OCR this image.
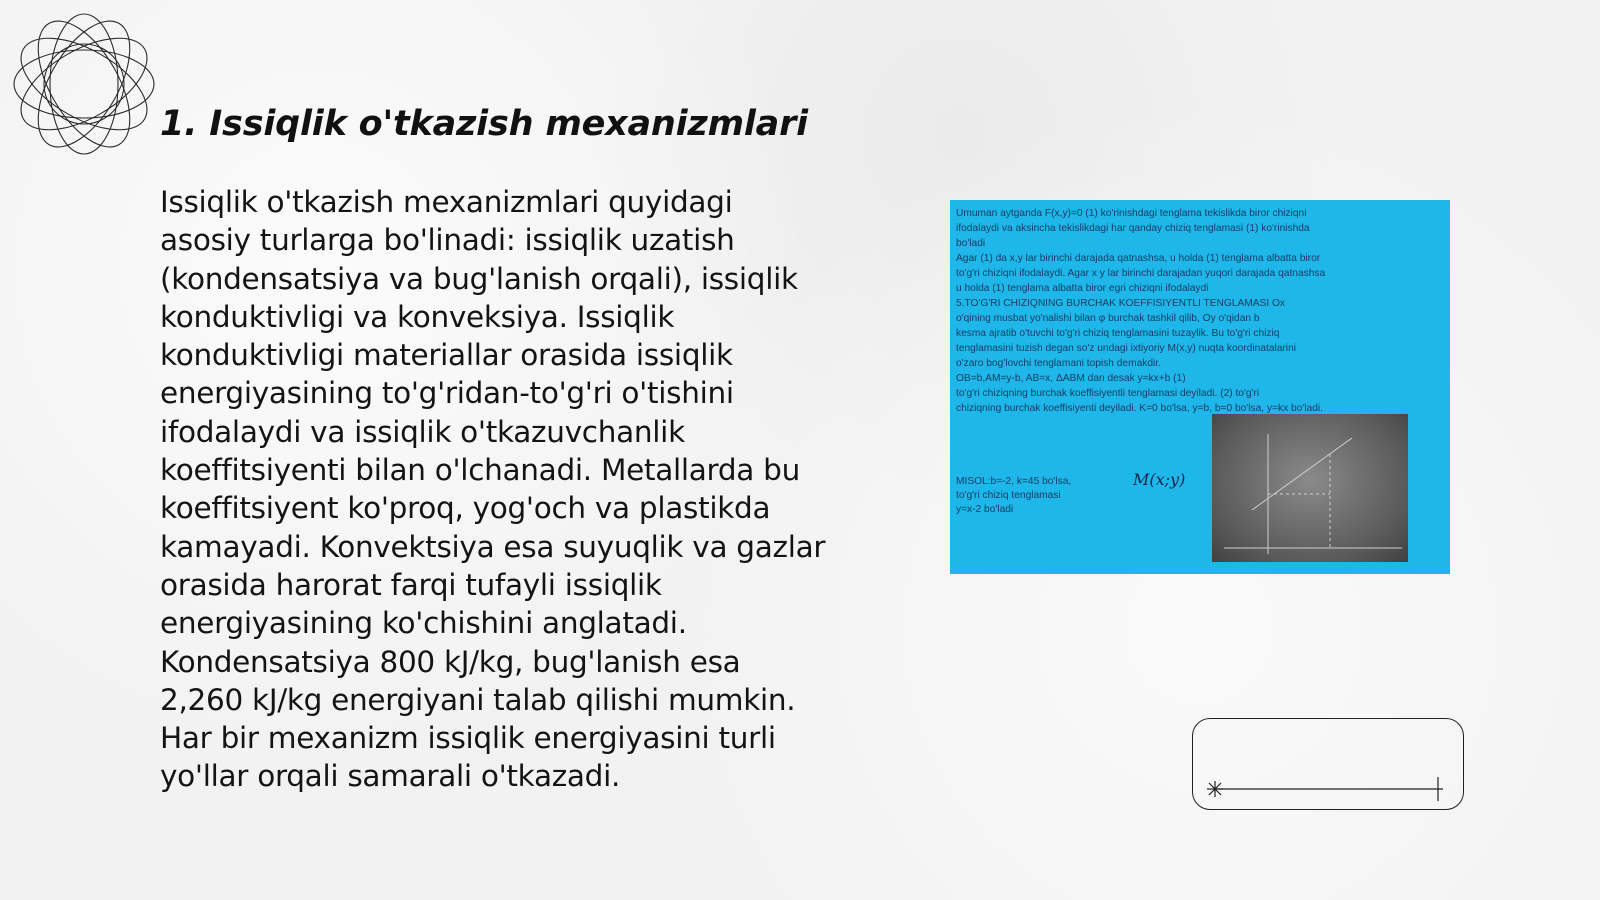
1. Issiqlik o'tkazish mexanizmlari
Issiqlik o'tkazish mexanizmlari quyidagi
asosiy turlarga bo'linadi: issiqlik uzatish
(kondensatsiya va bug'lanish orqali), issiqlik
konduktivligi va konveksiya. Issiqlik
konduktivligi materiallar orasida issiqlik
energiyasining to'g'ridan-to'g'ri o'tishini
ifodalaydi va issiqlik o'tkazuvchanlik
koeffitsiyenti bilan o'lchanadi. Metallarda bu
koeffitsiyent ko'proq, yog'och va plastikda
kamayadi. Konvektsiya esa suyuqlik va gazlar
orasida harorat farqi tufayli issiqlik
energiyasining ko'chishini anglatadi.
Kondensatsiya 800 kJ/kg, bug'lanish esa
2,260 kJ/kg energiyani talab qilishi mumkin.
Har bir mexanizm issiqlik energiyasini turli
yo'llar orqali samarali o'tkazadi.

Umuman aytganda F(x,y)=0 (1) ko'rinishdagi tenglama tekislikda biror chiziqni

ifodalaydi va aksincha tekislikdagi har qanday chiziq tenglamasi (1) ko'rinishda

bo'ladi

Agar (1) da x,y lar birinchi darajada qatnashsa, u holda (1) tenglama albatta biror

to'g'ri chiziqni ifodalaydi. Agar x y lar birinchi darajadan yuqori darajada qatnashsa

u holda (1) tenglama albatta biror egri chiziqni ifodalaydi

5.TO'G'RI CHIZIQNING BURCHAK KOEFFISIYENTLI TENGLAMASI Ox

o'qining musbat yo'nalishi bilan φ burchak tashkil qilib, Oy o'qidan b

kesma ajratib o'tuvchi to'g'ri chiziq tenglamasini tuzaylik. Bu to'g'ri chiziq

tenglamasini tuzish degan so'z undagi ixtiyoriy M(x,y) nuqta koordinatalarini

o'zaro bog'lovchi tenglamani topish demakdir.

OB=b,AM=y-b, AB=x, ΔABM dan desak y=kx+b (1)

to'g'ri chiziqning burchak koeffisiyentli tenglamasi deyiladi. (2) to'g'ri

chiziqning burchak koeffisiyenti deyiladi. K=0 bo'lsa, y=b, b=0 bo'lsa, y=kx bo'ladi.

MISOL:b=-2, k=45 bo'lsa,
to'g'ri chiziq tenglamasi
y=x-2 bo'ladi
M(x;y)
